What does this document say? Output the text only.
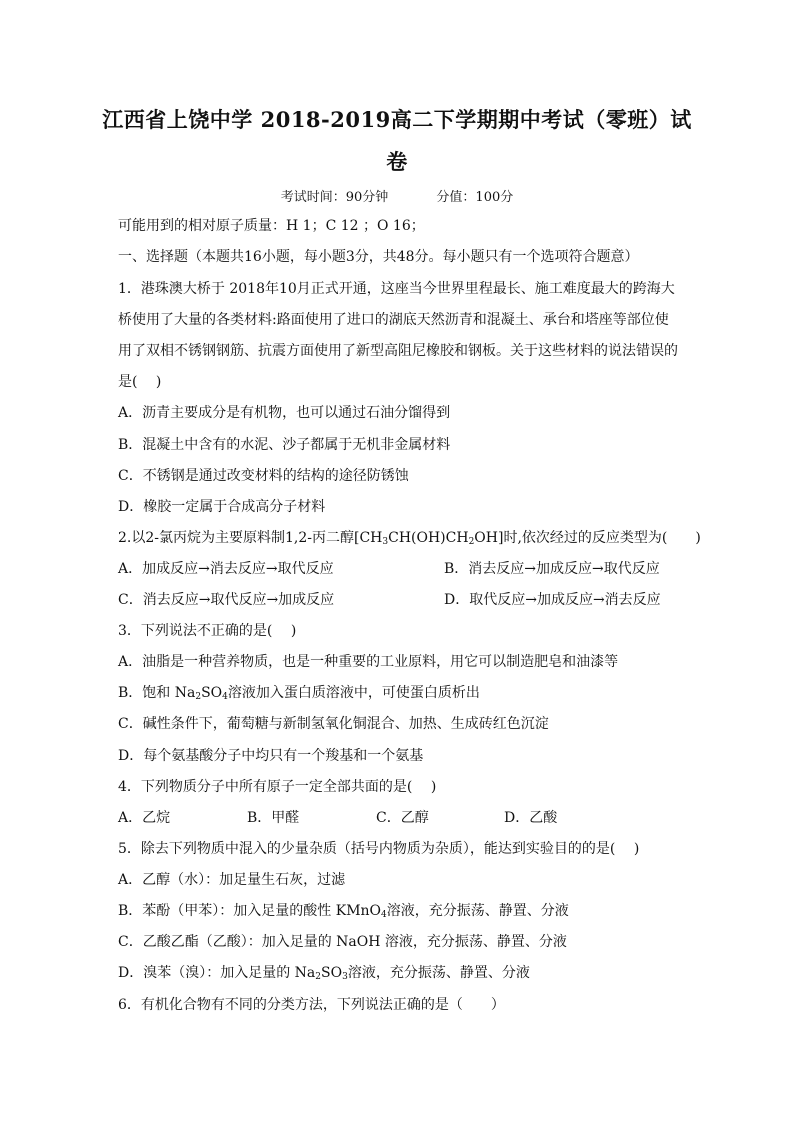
江西省上饶中学 2018-2019高二下学期期中考试（零班）试
卷
考试时间：90分钟	分值：100分
可能用到的相对原子质量：H 1；C 12 ；O 16；
一、选择题（本题共16小题，每小题3分，共48分。每小题只有一个选项符合题意）
1．港珠澳大桥于 2018年10月正式开通，这座当今世界里程最长、施工难度最大的跨海大
桥使用了大量的各类材料:路面使用了进口的湖底天然沥青和混凝土、承台和塔座等部位使
用了双相不锈钢钢筋、抗震方面使用了新型高阻尼橡胶和钢板。关于这些材料的说法错误的
是(　 )
A．沥青主要成分是有机物，也可以通过石油分馏得到
B．混凝土中含有的水泥、沙子都属于无机非金属材料
C．不锈钢是通过改变材料的结构的途径防锈蚀
D．橡胶一定属于合成高分子材料
2.以2-氯丙烷为主要原料制1,2-丙二醇$[CH_3CH(OH)CH_2OH]$时,依次经过的反应类型为(　　)
A．加成反应→消去反应→取代反应	B．消去反应→加成反应→取代反应
C．消去反应→取代反应→加成反应	D．取代反应→加成反应→消去反应
3．下列说法不正确的是(　 )
A．油脂是一种营养物质，也是一种重要的工业原料，用它可以制造肥皂和油漆等
B．饱和 $Na_2SO_4$溶液加入蛋白质溶液中，可使蛋白质析出
C．碱性条件下，葡萄糖与新制氢氧化铜混合、加热、生成砖红色沉淀
D．每个氨基酸分子中均只有一个羧基和一个氨基
4．下列物质分子中所有原子一定全部共面的是(　 )
A．乙烷	B．甲醛	C．乙醇	D．乙酸
5．除去下列物质中混入的少量杂质（括号内物质为杂质），能达到实验目的的是(　 )
A．乙醇（水）：加足量生石灰，过滤
B．苯酚（甲苯）：加入足量的酸性 KMnO$_4$溶液，充分振荡、静置、分液
C．乙酸乙酯（乙酸）：加入足量的 NaOH 溶液，充分振荡、静置、分液
D．溴苯（溴）：加入足量的 $Na_2SO_3$溶液，充分振荡、静置、分液
6．有机化合物有不同的分类方法，下列说法正确的是（　　）
